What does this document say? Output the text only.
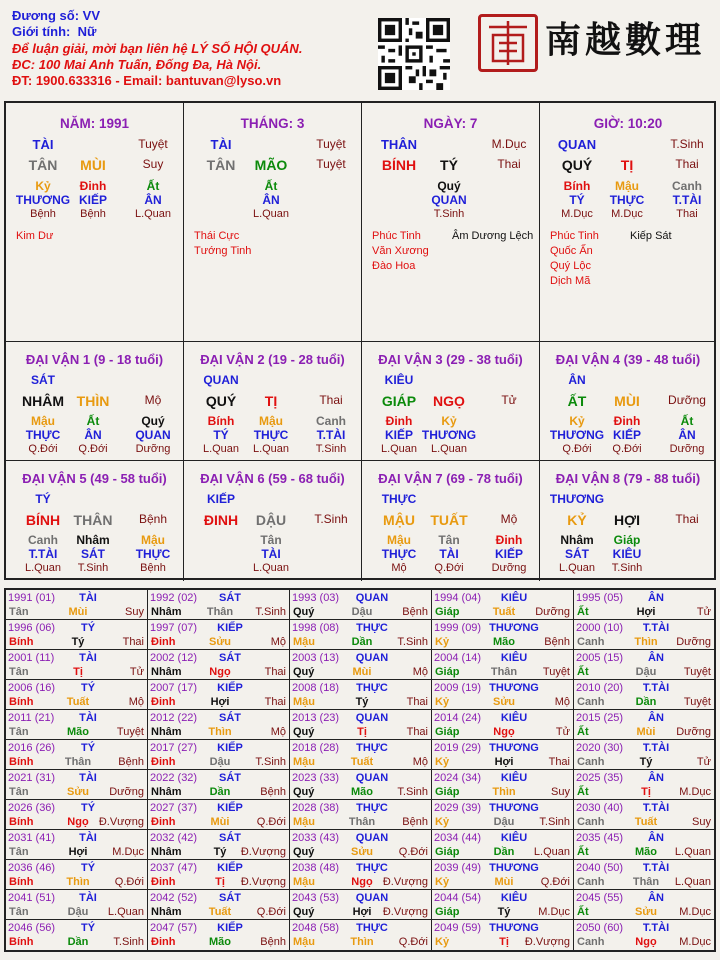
Đương số: VV
Giới tính: Nữ
Để luận giải, mời bạn liên hệ LÝ SỐ HỘI QUÁN.
ĐC: 100 Mai Anh Tuấn, Đống Đa, Hà Nội.
ĐT: 1900.633316 - Email: bantuvan@lyso.vn
南越數理
NĂM: 1991
TÀI	Tuyệt
TÂN	MÙI	Suy
Kỷ	Đinh	Ất
THƯƠNG KIẾP	ÂN
Bệnh	Bệnh	L.Quan
Kim Dư
THÁNG: 3
TÀI	Tuyệt
TÂN	MÃO	Tuyệt
Ất
ÂN
L.Quan
Thái Cực
Tướng Tinh
NGÀY: 7
THÂN	M.Dục
BÍNH	TÝ	Thai
Quý
QUAN
T.Sinh
Phúc Tinh
Văn Xương
Đào Hoa
Âm Dương Lệch
GIỜ: 10:20
QUAN	T.Sinh
QUÝ	TỊ	Thai
Bính	Mậu	Canh
TÝ	THỰC	T.TÀI
M.Dục	M.Dục	Thai
Phúc Tinh
Quốc Ấn
Quý Lộc
Dịch Mã
Kiếp Sát
ĐẠI VẬN 1 (9 - 18 tuổi)
SÁT
NHÂM THÌN	Mộ
Mậu	Ất	Quý
THỰC	ÂN	QUAN
Q.Đới	Q.Đới	Dưỡng
ĐẠI VẬN 2 (19 - 28 tuổi)
QUAN
QUÝ	TỊ	Thai
Bính	Mậu	Canh
TÝ	THỰC	T.TÀI
L.Quan	L.Quan	T.Sinh
ĐẠI VẬN 3 (29 - 38 tuổi)
KIÊU
GIÁP	NGỌ	Tử
Đinh	Kỷ
KIẾP THƯƠNG
L.Quan	L.Quan
ĐẠI VẬN 4 (39 - 48 tuổi)
ÂN
ẤT	MÙI	Dưỡng
Kỷ	Đinh	Ất
THƯƠNG KIẾP	ÂN
Q.Đới	Q.Đới	Dưỡng
ĐẠI VẬN 5 (49 - 58 tuổi)
TÝ
BÍNH THÂN	Bệnh
Canh	Nhâm	Mậu
T.TÀI	SÁT	THỰC
L.Quan	T.Sinh	Bệnh
ĐẠI VẬN 6 (59 - 68 tuổi)
KIẾP
ĐINH	DẬU	T.Sinh
Tân
TÀI
L.Quan
ĐẠI VẬN 7 (69 - 78 tuổi)
THỰC
MẬU	TUẤT	Mộ
Mậu	Tân	Đinh
THỰC	TÀI	KIẾP
Mộ	Q.Đới	Dưỡng
ĐẠI VẬN 8 (79 - 88 tuổi)
THƯƠNG
KỶ	HỢI	Thai
Nhâm	Giáp
SÁT	KIÊU
L.Quan	T.Sinh
1991 (01)	TÀI
Tân	Mùi	Suy
1992 (02)	SÁT
Nhâm	Thân	T.Sinh
1993 (03)	QUAN
Quý	Dậu	Bệnh
1994 (04)	KIÊU
Giáp	Tuất	Dưỡng
1995 (05)	ÂN
Ất	Hợi	Tử
1996 (06)	TÝ
Bính	Tý	Thai
1997 (07)	KIẾP
Đinh	Sửu	Mộ
1998 (08)	THỰC
Mậu	Dần	T.Sinh
1999 (09) THƯƠNG
Kỷ	Mão	Bệnh
2000 (10)	T.TÀI
Canh	Thìn	Dưỡng
2001 (11)	TÀI
Tân	Tị	Tử
2002 (12)	SÁT
Nhâm	Ngọ	Thai
2003 (13)	QUAN
Quý	Mùi	Mộ
2004 (14)	KIÊU
Giáp	Thân	Tuyệt
2005 (15)	ÂN
Ất	Dậu	Tuyệt
2006 (16)	TÝ
Bính	Tuất	Mộ
2007 (17)	KIẾP
Đinh	Hợi	Thai
2008 (18)	THỰC
Mậu	Tý	Thai
2009 (19) THƯƠNG
Kỷ	Sửu	Mộ
2010 (20)	T.TÀI
Canh	Dần	Tuyệt
2011 (21)	TÀI
Tân	Mão	Tuyệt
2012 (22)	SÁT
Nhâm	Thìn	Mộ
2013 (23)	QUAN
Quý	Tị	Thai
2014 (24)	KIÊU
Giáp	Ngọ	Tử
2015 (25)	ÂN
Ất	Mùi	Dưỡng
2016 (26)	TÝ
Bính	Thân	Bệnh
2017 (27)	KIẾP
Đinh	Dậu	T.Sinh
2018 (28)	THỰC
Mậu	Tuất	Mộ
2019 (29) THƯƠNG
Kỷ	Hợi	Thai
2020 (30)	T.TÀI
Canh	Tý	Tử
2021 (31)	TÀI
Tân	Sửu	Dưỡng
2022 (32)	SÁT
Nhâm	Dần	Bệnh
2023 (33)	QUAN
Quý	Mão	T.Sinh
2024 (34)	KIÊU
Giáp	Thìn	Suy
2025 (35)	ÂN
Ất	Tị	M.Dục
2026 (36)	TÝ
Bính	Ngọ Đ.Vượng
2027 (37)	KIẾP
Đinh	Mùi	Q.Đới
2028 (38)	THỰC
Mậu	Thân	Bệnh
2029 (39) THƯƠNG
Kỷ	Dậu	T.Sinh
2030 (40)	T.TÀI
Canh	Tuất	Suy
2031 (41)	TÀI
Tân	Hợi	M.Dục
2032 (42)	SÁT
Nhâm	Tý	Đ.Vượng
2033 (43)	QUAN
Quý	Sửu	Q.Đới
2034 (44)	KIÊU
Giáp	Dần	L.Quan
2035 (45)	ÂN
Ất	Mão	L.Quan
2036 (46)	TÝ
Bính	Thìn	Q.Đới
2037 (47)	KIẾP
Đinh	Tị	Đ.Vượng
2038 (48)	THỰC
Mậu	Ngọ Đ.Vượng
2039 (49) THƯƠNG
Kỷ	Mùi	Q.Đới
2040 (50)	T.TÀI
Canh	Thân	L.Quan
2041 (51)	TÀI
Tân	Dậu	L.Quan
2042 (52)	SÁT
Nhâm	Tuất	Q.Đới
2043 (53)	QUAN
Quý	Hợi	Đ.Vượng
2044 (54)	KIÊU
Giáp	Tý	M.Dục
2045 (55)	ÂN
Ất	Sửu	M.Dục
2046 (56)	TÝ
Bính	Dần	T.Sinh
2047 (57)	KIẾP
Đinh	Mão	Bệnh
2048 (58)	THỰC
Mậu	Thìn	Q.Đới
2049 (59) THƯƠNG
Kỷ	Tị	Đ.Vượng
2050 (60)	T.TÀI
Canh	Ngọ	M.Dục
